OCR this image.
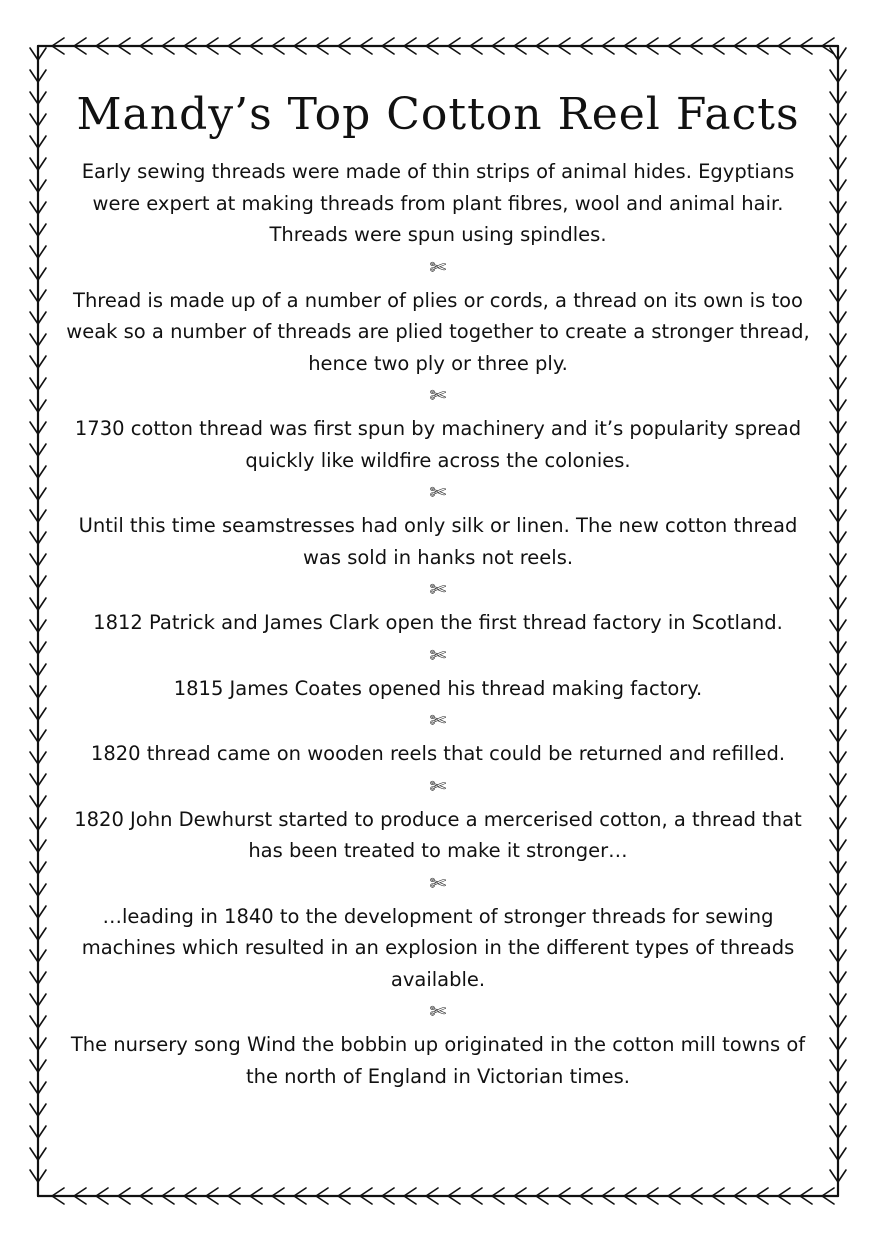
Mandy’s Top Cotton Reel Facts

Early sewing threads were made of thin strips of animal hides. Egyptians were expert at making threads from plant fibres, wool and animal hair. Threads were spun using spindles.

✄

Thread is made up of a number of plies or cords, a thread on its own is too weak so a number of threads are plied together to create a stronger thread, hence two ply or three ply.

✄

1730 cotton thread was first spun by machinery and it’s popularity spread quickly like wildfire across the colonies.

✄

Until this time seamstresses had only silk or linen. The new cotton thread was sold in hanks not reels.

✄

1812 Patrick and James Clark open the first thread factory in Scotland.

✄

1815 James Coates opened his thread making factory.

✄

1820 thread came on wooden reels that could be returned and refilled.

✄

1820 John Dewhurst started to produce a mercerised cotton, a thread that has been treated to make it stronger…

✄

…leading in 1840 to the development of stronger threads for sewing machines which resulted in an explosion in the different types of threads available.

✄

The nursery song Wind the bobbin up originated in the cotton mill towns of the north of England in Victorian times.
